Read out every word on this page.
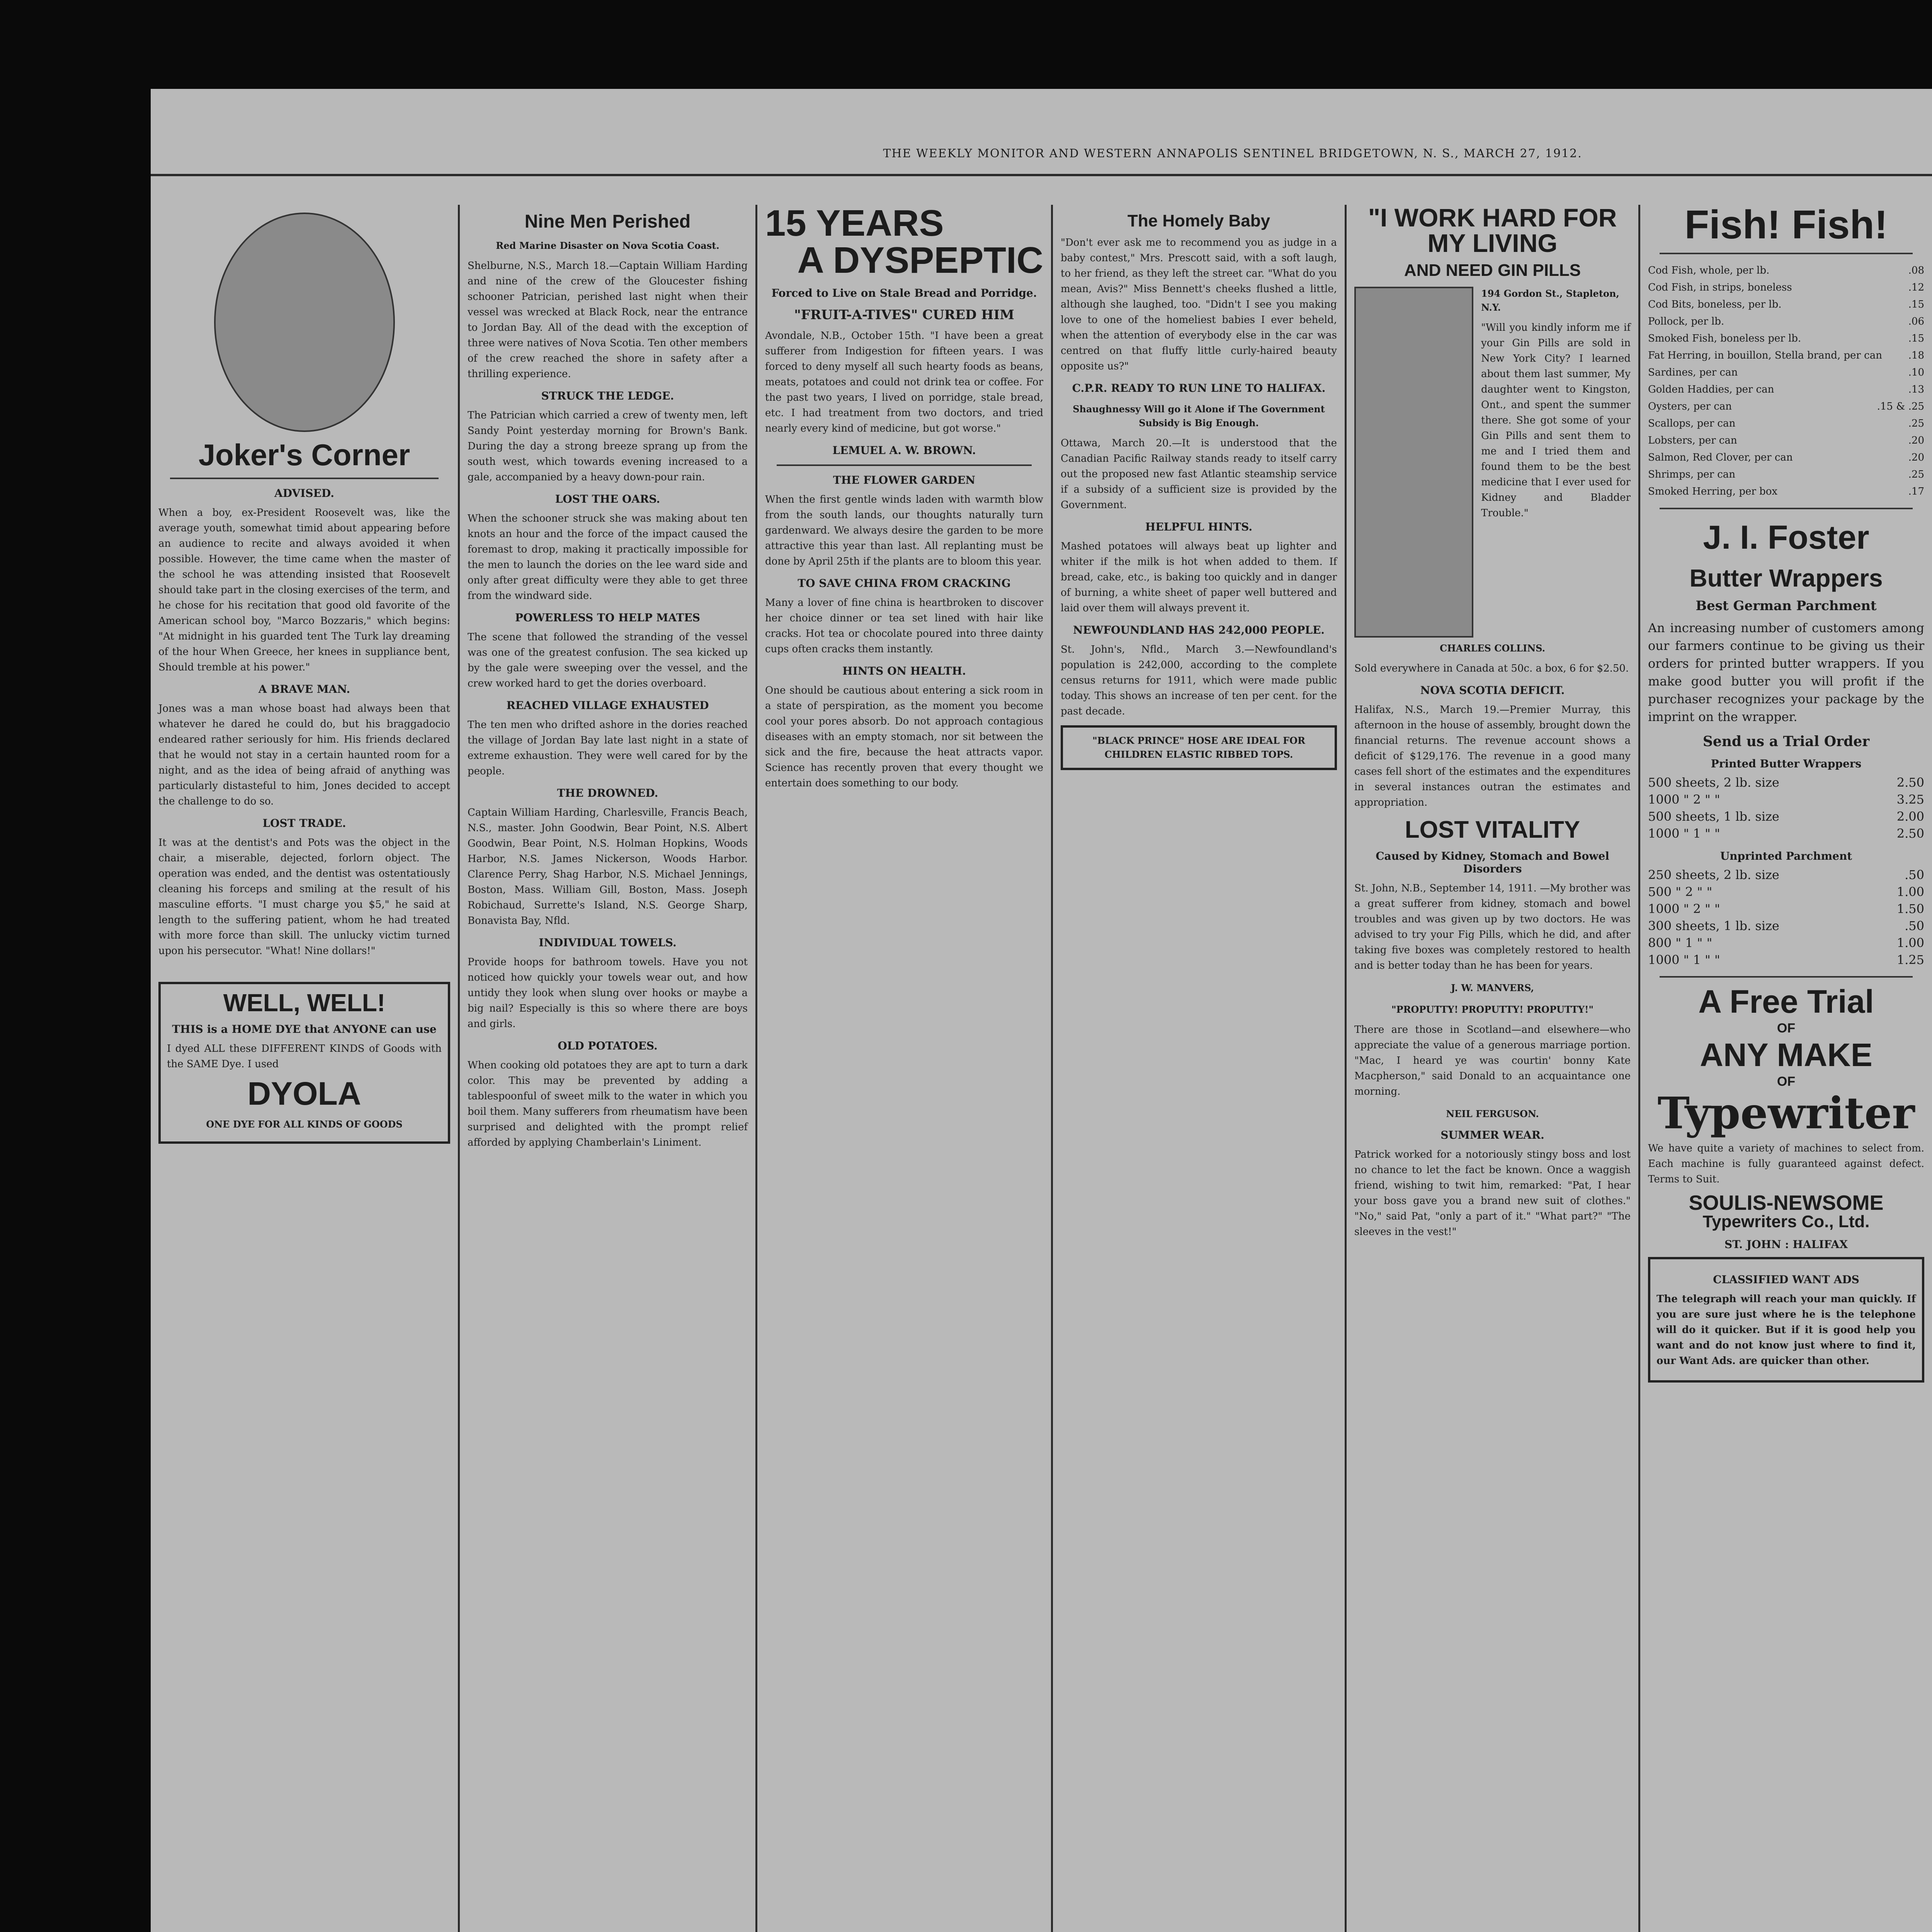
THE WEEKLY MONITOR AND WESTERN ANNAPOLIS SENTINEL BRIDGETOWN, N. S., MARCH 27, 1912.
Joker's Corner
ADVISED.
When a boy, ex-President Roosevelt was, like the average youth, somewhat timid about appearing before an audience to recite and always avoided it when possible. However, the time came when the master of the school he was attending insisted that Roosevelt should take part in the closing exercises of the term, and he chose for his recitation that good old favorite of the American school boy, "Marco Bozzaris," which begins: "At midnight in his guarded tent The Turk lay dreaming of the hour When Greece, her knees in suppliance bent, Should tremble at his power."
A BRAVE MAN.
Jones was a man whose boast had always been that whatever he dared he could do, but his braggadocio endeared rather seriously for him. His friends declared that he would not stay in a certain haunted room for a night, and as the idea of being afraid of anything was particularly distasteful to him, Jones decided to accept the challenge to do so.
LOST TRADE.
It was at the dentist's and Pots was the object in the chair, a miserable, dejected, forlorn object. The operation was ended, and the dentist was ostentatiously cleaning his forceps and smiling at the result of his masculine efforts. "I must charge you $5," he said at length to the suffering patient, whom he had treated with more force than skill. The unlucky victim turned upon his persecutor. "What! Nine dollars!"
WELL, WELL!
THIS is a HOME DYE that ANYONE can use
I dyed ALL these DIFFERENT KINDS of Goods with the SAME Dye. I used
DYOLA
ONE DYE FOR ALL KINDS OF GOODS
Nine Men Perished
Red Marine Disaster on Nova Scotia Coast.
Shelburne, N.S., March 18.—Captain William Harding and nine of the crew of the Gloucester fishing schooner Patrician, perished last night when their vessel was wrecked at Black Rock, near the entrance to Jordan Bay. All of the dead with the exception of three were natives of Nova Scotia. Ten other members of the crew reached the shore in safety after a thrilling experience.
STRUCK THE LEDGE.
The Patrician which carried a crew of twenty men, left Sandy Point yesterday morning for Brown's Bank. During the day a strong breeze sprang up from the south west, which towards evening increased to a gale, accompanied by a heavy down-pour rain.
LOST THE OARS.
When the schooner struck she was making about ten knots an hour and the force of the impact caused the foremast to drop, making it practically impossible for the men to launch the dories on the lee ward side and only after great difficulty were they able to get three from the windward side.
POWERLESS TO HELP MATES
The scene that followed the stranding of the vessel was one of the greatest confusion. The sea kicked up by the gale were sweeping over the vessel, and the crew worked hard to get the dories overboard.
REACHED VILLAGE EXHAUSTED
The ten men who drifted ashore in the dories reached the village of Jordan Bay late last night in a state of extreme exhaustion. They were well cared for by the people.
THE DROWNED.
Captain William Harding, Charlesville, Francis Beach, N.S., master. John Goodwin, Bear Point, N.S. Albert Goodwin, Bear Point, N.S. Holman Hopkins, Woods Harbor, N.S. James Nickerson, Woods Harbor. Clarence Perry, Shag Harbor, N.S. Michael Jennings, Boston, Mass. William Gill, Boston, Mass. Joseph Robichaud, Surrette's Island, N.S. George Sharp, Bonavista Bay, Nfld.
INDIVIDUAL TOWELS.
Provide hoops for bathroom towels. Have you not noticed how quickly your towels wear out, and how untidy they look when slung over hooks or maybe a big nail? Especially is this so where there are boys and girls.
OLD POTATOES.
When cooking old potatoes they are apt to turn a dark color. This may be prevented by adding a tablespoonful of sweet milk to the water in which you boil them. Many sufferers from rheumatism have been surprised and delighted with the prompt relief afforded by applying Chamberlain's Liniment.
15 YEARS
A DYSPEPTIC
Forced to Live on Stale Bread and Porridge.
"FRUIT-A-TIVES" CURED HIM
Avondale, N.B., October 15th. "I have been a great sufferer from Indigestion for fifteen years. I was forced to deny myself all such hearty foods as beans, meats, potatoes and could not drink tea or coffee. For the past two years, I lived on porridge, stale bread, etc. I had treatment from two doctors, and tried nearly every kind of medicine, but got worse."
LEMUEL A. W. BROWN.
THE FLOWER GARDEN
When the first gentle winds laden with warmth blow from the south lands, our thoughts naturally turn gardenward. We always desire the garden to be more attractive this year than last. All replanting must be done by April 25th if the plants are to bloom this year.
TO SAVE CHINA FROM CRACKING
Many a lover of fine china is heartbroken to discover her choice dinner or tea set lined with hair like cracks. Hot tea or chocolate poured into three dainty cups often cracks them instantly.
HINTS ON HEALTH.
One should be cautious about entering a sick room in a state of perspiration, as the moment you become cool your pores absorb. Do not approach contagious diseases with an empty stomach, nor sit between the sick and the fire, because the heat attracts vapor. Science has recently proven that every thought we entertain does something to our body.
The Homely Baby
"Don't ever ask me to recommend you as judge in a baby contest," Mrs. Prescott said, with a soft laugh, to her friend, as they left the street car. "What do you mean, Avis?" Miss Bennett's cheeks flushed a little, although she laughed, too. "Didn't I see you making love to one of the homeliest babies I ever beheld, when the attention of everybody else in the car was centred on that fluffy little curly-haired beauty opposite us?"
C.P.R. READY TO RUN LINE TO HALIFAX.
Shaughnessy Will go it Alone if The Government Subsidy is Big Enough.
Ottawa, March 20.—It is understood that the Canadian Pacific Railway stands ready to itself carry out the proposed new fast Atlantic steamship service if a subsidy of a sufficient size is provided by the Government.
HELPFUL HINTS.
Mashed potatoes will always beat up lighter and whiter if the milk is hot when added to them. If bread, cake, etc., is baking too quickly and in danger of burning, a white sheet of paper well buttered and laid over them will always prevent it.
NEWFOUNDLAND HAS 242,000 PEOPLE.
St. John's, Nfld., March 3.—Newfoundland's population is 242,000, according to the complete census returns for 1911, which were made public today. This shows an increase of ten per cent. for the past decade.
"BLACK PRINCE" HOSE ARE IDEAL FOR CHILDREN ELASTIC RIBBED TOPS.
"I WORK HARD FOR MY LIVING
AND NEED GIN PILLS
194 Gordon St., Stapleton, N.Y.
"Will you kindly inform me if your Gin Pills are sold in New York City? I learned about them last summer, My daughter went to Kingston, Ont., and spent the summer there. She got some of your Gin Pills and sent them to me and I tried them and found them to be the best medicine that I ever used for Kidney and Bladder Trouble."
CHARLES COLLINS.
Sold everywhere in Canada at 50c. a box, 6 for $2.50.
NOVA SCOTIA DEFICIT.
Halifax, N.S., March 19.—Premier Murray, this afternoon in the house of assembly, brought down the financial returns. The revenue account shows a deficit of $129,176. The revenue in a good many cases fell short of the estimates and the expenditures in several instances outran the estimates and appropriation.
LOST VITALITY
Caused by Kidney, Stomach and Bowel Disorders
St. John, N.B., September 14, 1911. —My brother was a great sufferer from kidney, stomach and bowel troubles and was given up by two doctors. He was advised to try your Fig Pills, which he did, and after taking five boxes was completely restored to health and is better today than he has been for years.
J. W. MANVERS,
"PROPUTTY! PROPUTTY! PROPUTTY!"
There are those in Scotland—and elsewhere—who appreciate the value of a generous marriage portion. "Mac, I heard ye was courtin' bonny Kate Macpherson," said Donald to an acquaintance one morning.
NEIL FERGUSON.
SUMMER WEAR.
Patrick worked for a notoriously stingy boss and lost no chance to let the fact be known. Once a waggish friend, wishing to twit him, remarked: "Pat, I hear your boss gave you a brand new suit of clothes." "No," said Pat, "only a part of it." "What part?" "The sleeves in the vest!"
Fish! Fish!
Cod Fish, whole, per lb.	.08
Cod Fish, in strips, boneless	.12
Cod Bits, boneless, per lb.	.15
Pollock, per lb.	.06
Smoked Fish, boneless per lb.	.15
Fat Herring, in bouillon, Stella brand, per can	.18
Sardines, per can	.10
Golden Haddies, per can	.13
Oysters, per can	.15 & .25
Scallops, per can	.25
Lobsters, per can	.20
Salmon, Red Clover, per can	.20
Shrimps, per can	.25
Smoked Herring, per box	.17
J. I. Foster
Butter Wrappers
Best German Parchment
An increasing number of customers among our farmers continue to be giving us their orders for printed butter wrappers. If you make good butter you will profit if the purchaser recognizes your package by the imprint on the wrapper.
Send us a Trial Order
Printed Butter Wrappers
500 sheets, 2 lb. size	2.50
1000 " 2 " "	3.25
500 sheets, 1 lb. size	2.00
1000 " 1 " "	2.50
Unprinted Parchment
250 sheets, 2 lb. size	.50
500 " 2 " "	1.00
1000 " 2 " "	1.50
300 sheets, 1 lb. size	.50
800 " 1 " "	1.00
1000 " 1 " "	1.25
A Free Trial
OF
ANY MAKE
OF
Typewriter
We have quite a variety of machines to select from. Each machine is fully guaranteed against defect. Terms to Suit.
SOULIS-NEWSOME
Typewriters Co., Ltd.
ST. JOHN : HALIFAX
CLASSIFIED WANT ADS
The telegraph will reach your man quickly. If you are sure just where he is the telephone will do it quicker. But if it is good help you want and do not know just where to find it, our Want Ads. are quicker than other.
